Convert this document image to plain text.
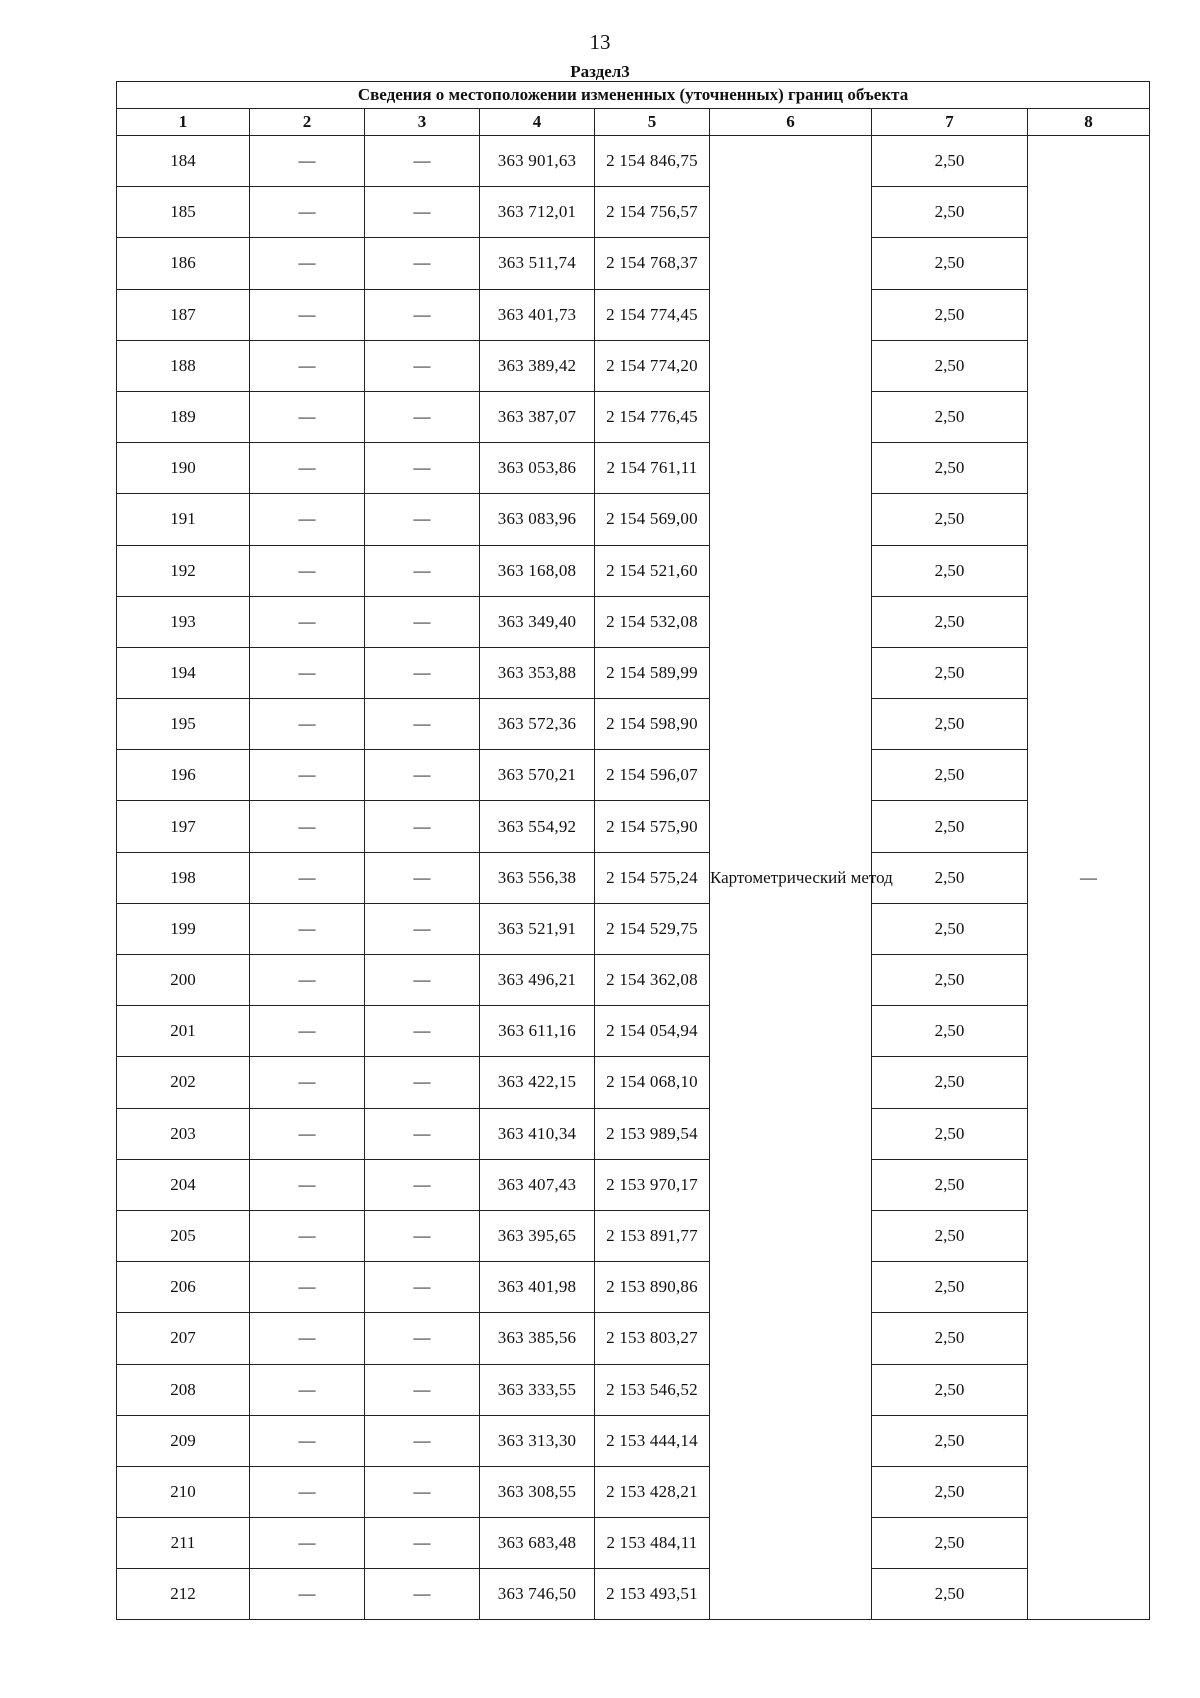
13
Раздел3
Сведения о местоположении измененных (уточненных) границ объекта							
1	2	3	4	5	6	7	8
184	—	—	363 901,63	2 154 846,75	Картометрический метод	2,50	—
185	—	—	363 712,01	2 154 756,57		2,50	
186	—	—	363 511,74	2 154 768,37		2,50	
187	—	—	363 401,73	2 154 774,45		2,50	
188	—	—	363 389,42	2 154 774,20		2,50	
189	—	—	363 387,07	2 154 776,45		2,50	
190	—	—	363 053,86	2 154 761,11		2,50	
191	—	—	363 083,96	2 154 569,00		2,50	
192	—	—	363 168,08	2 154 521,60		2,50	
193	—	—	363 349,40	2 154 532,08		2,50	
194	—	—	363 353,88	2 154 589,99		2,50	
195	—	—	363 572,36	2 154 598,90		2,50	
196	—	—	363 570,21	2 154 596,07		2,50	
197	—	—	363 554,92	2 154 575,90		2,50	
198	—	—	363 556,38	2 154 575,24		2,50	
199	—	—	363 521,91	2 154 529,75		2,50	
200	—	—	363 496,21	2 154 362,08		2,50	
201	—	—	363 611,16	2 154 054,94		2,50	
202	—	—	363 422,15	2 154 068,10		2,50	
203	—	—	363 410,34	2 153 989,54		2,50	
204	—	—	363 407,43	2 153 970,17		2,50	
205	—	—	363 395,65	2 153 891,77		2,50	
206	—	—	363 401,98	2 153 890,86		2,50	
207	—	—	363 385,56	2 153 803,27		2,50	
208	—	—	363 333,55	2 153 546,52		2,50	
209	—	—	363 313,30	2 153 444,14		2,50	
210	—	—	363 308,55	2 153 428,21		2,50	
211	—	—	363 683,48	2 153 484,11		2,50	
212	—	—	363 746,50	2 153 493,51		2,50	
